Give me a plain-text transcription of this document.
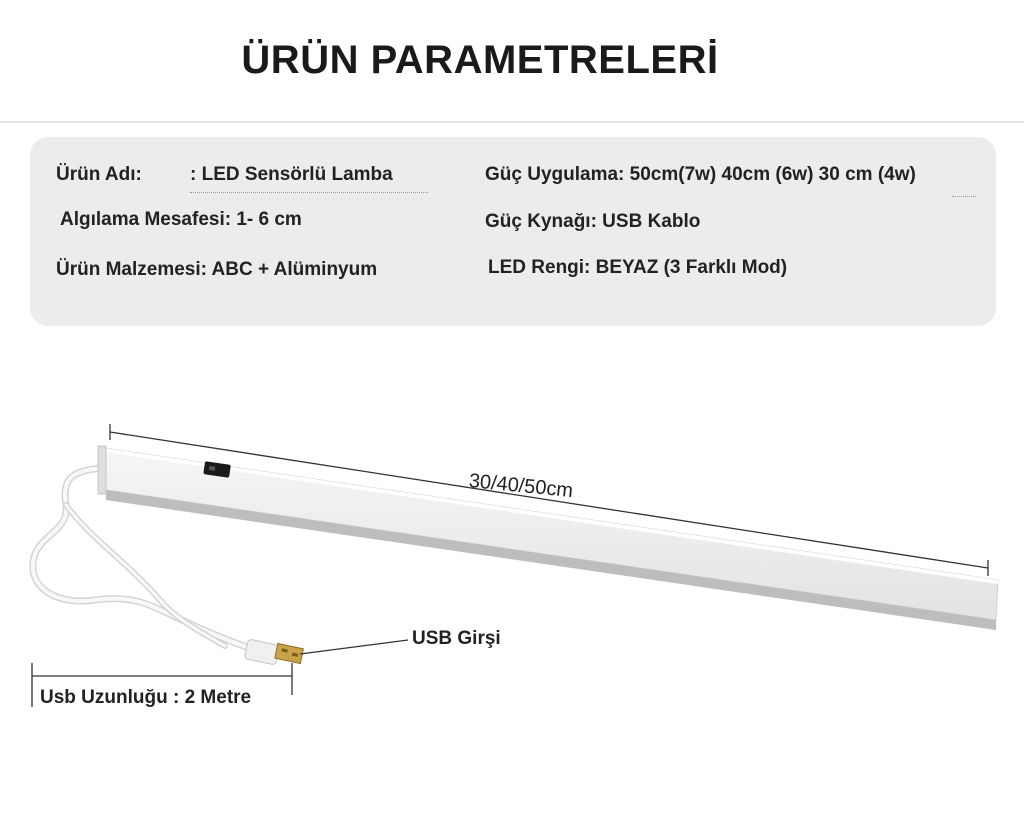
ÜRÜN PARAMETRELERİ
Ürün Adı:	: LED Sensörlü Lamba
Algılama Mesafesi: 1- 6 cm
Ürün Malzemesi: ABC + Alüminyum
Güç Uygulama: 50cm(7w) 40cm (6w) 30 cm (4w)
Güç Kynağı: USB Kablo
LED Rengi: BEYAZ (3 Farklı Mod)
30/40/50cm
USB Girşi
Usb Uzunluğu : 2 Metre
